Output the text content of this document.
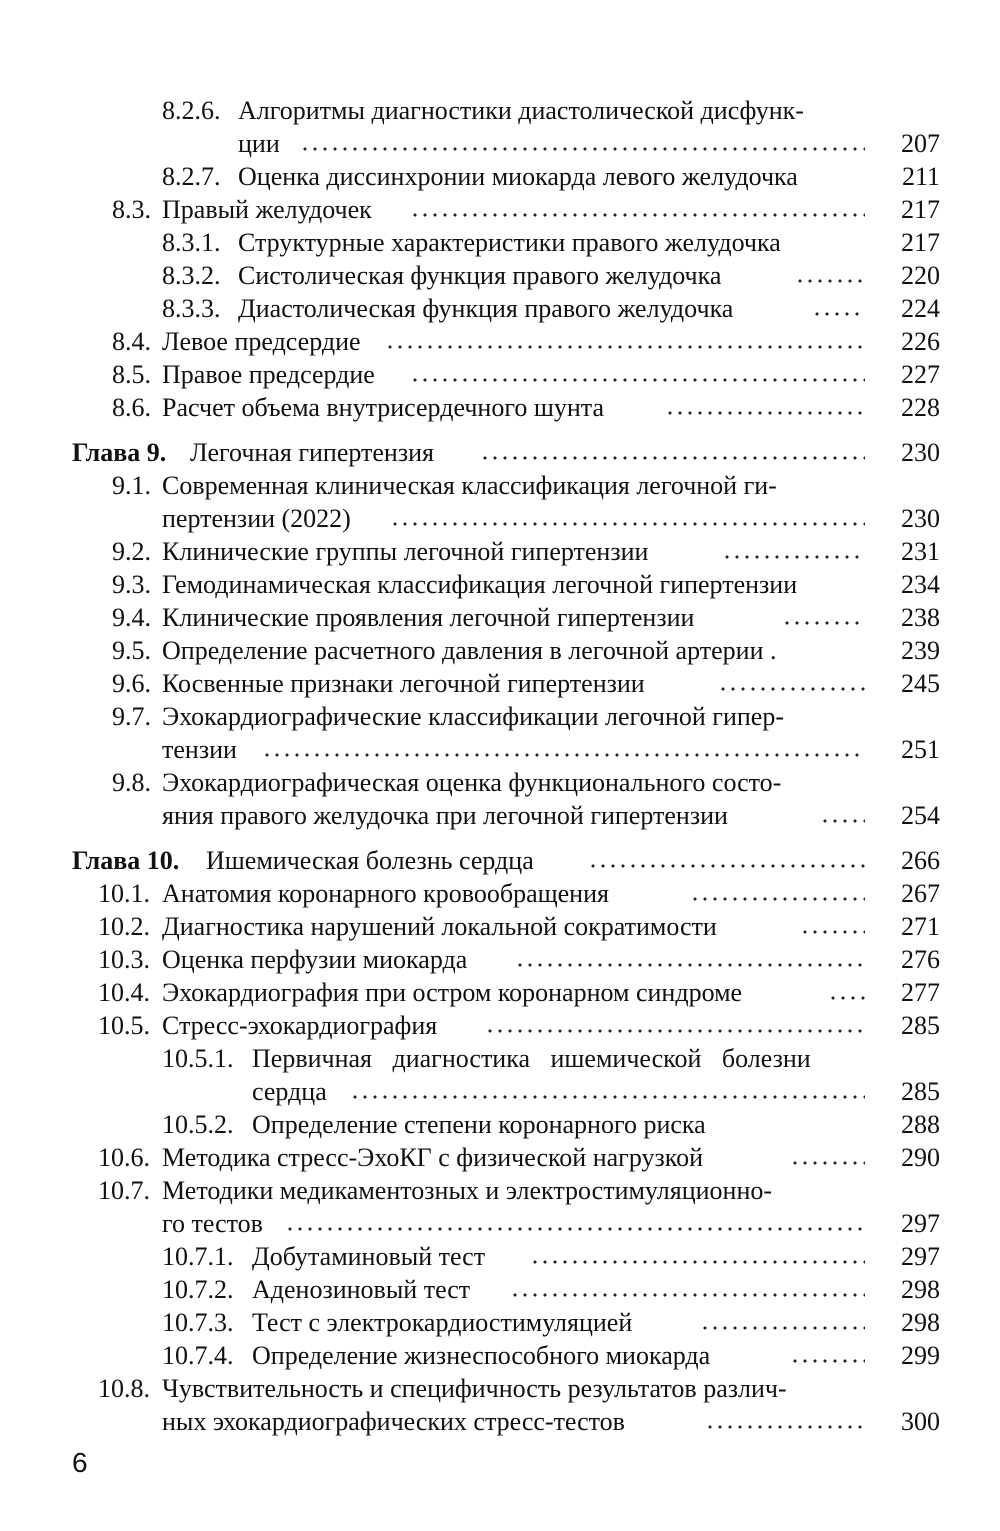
8.2.6. Алгоритмы диагностики диастолической дисфунк-
ции	207
8.2.7. Оценка диссинхронии миокарда левого желудочка	211
8.3. Правый желудочек	217
8.3.1. Структурные характеристики правого желудочка	217
8.3.2. Систолическая функция правого желудочка	220
8.3.3. Диастолическая функция правого желудочка	224
8.4. Левое предсердие	226
8.5. Правое предсердие	227
8.6. Расчет объема внутрисердечного шунта	228
Глава 9. Легочная гипертензия	230
9.1. Современная клиническая классификация легочной ги-
пертензии (2022)	230
9.2. Клинические группы легочной гипертензии	231
9.3. Гемодинамическая классификация легочной гипертензии	234
9.4. Клинические проявления легочной гипертензии	238
9.5. Определение расчетного давления в легочной артерии .	239
9.6. Косвенные признаки легочной гипертензии	245
9.7. Эхокардиографические классификации легочной гипер-
тензии	251
9.8. Эхокардиографическая оценка функционального состо-
яния правого желудочка при легочной гипертензии	254
Глава 10. Ишемическая болезнь сердца	266
10.1. Анатомия коронарного кровообращения	267
10.2. Диагностика нарушений локальной сократимости	271
10.3. Оценка перфузии миокарда	276
10.4. Эхокардиография при остром коронарном синдроме	277
10.5. Стресс-эхокардиография	285
10.5.1. Первичная диагностика ишемической болезни
сердца	285
10.5.2. Определение степени коронарного риска	288
10.6. Методика стресс-ЭхоКГ с физической нагрузкой	290
10.7. Методики медикаментозных и электростимуляционно-
го тестов	297
10.7.1. Добутаминовый тест	297
10.7.2. Аденозиновый тест	298
10.7.3. Тест с электрокардиостимуляцией	298
10.7.4. Определение жизнеспособного миокарда	299
10.8. Чувствительность и специфичность результатов различ-
ных эхокардиографических стресс-тестов	300
6
